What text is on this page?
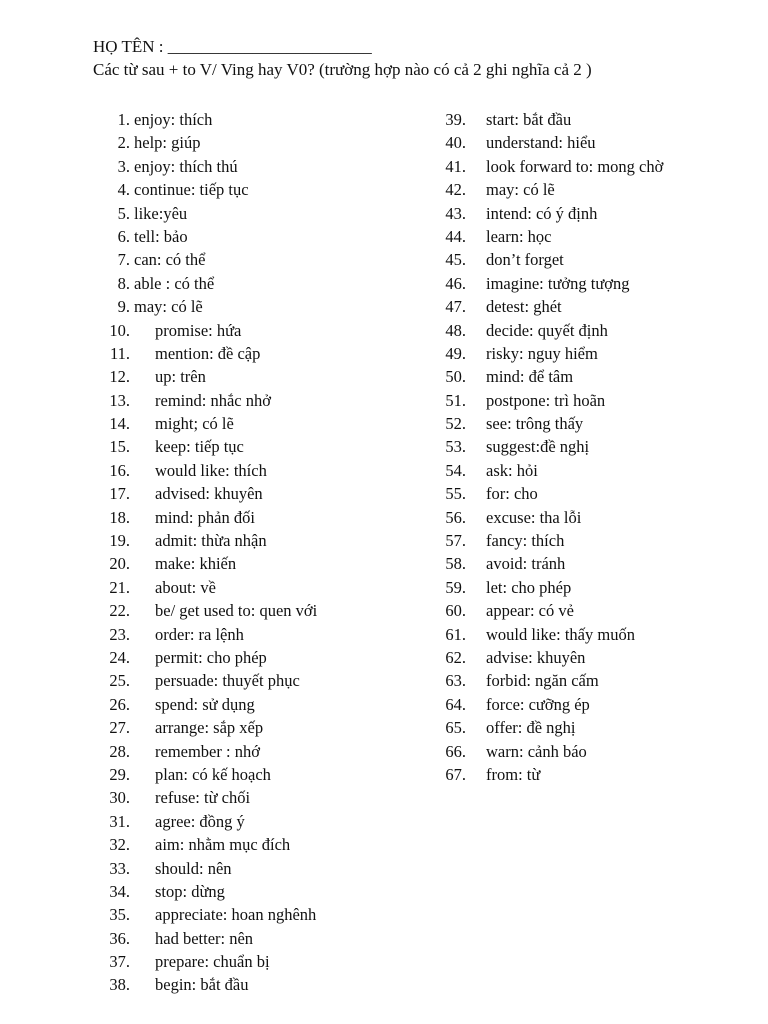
HỌ TÊN : ________________________
Các từ sau + to V/ Ving hay V0? (trường hợp nào có cả 2 ghi nghĩa cả 2 )
1. enjoy: thích
2. help: giúp
3. enjoy: thích thú
4. continue: tiếp tục
5. like:yêu
6. tell: bảo
7. can: có thể
8. able : có thể
9. may: có lẽ
10. promise: hứa
11. mention: đề cập
12. up: trên
13. remind: nhắc nhở
14. might; có lẽ
15. keep: tiếp tục
16. would like: thích
17. advised: khuyên
18. mind: phản đối
19. admit: thừa nhận
20. make: khiến
21. about: về
22. be/ get used to: quen với
23. order: ra lệnh
24. permit: cho phép
25. persuade: thuyết phục
26. spend: sử dụng
27. arrange: sắp xếp
28. remember : nhớ
29. plan: có kế hoạch
30. refuse: từ chối
31. agree: đồng ý
32. aim: nhằm mục đích
33. should: nên
34. stop: dừng
35. appreciate: hoan nghênh
36. had better: nên
37. prepare: chuẩn bị
38. begin: bắt đầu
39. start: bắt đầu
40. understand: hiểu
41. look forward to: mong chờ
42. may: có lẽ
43. intend: có ý định
44. learn: học
45. don’t forget
46. imagine: tưởng tượng
47. detest: ghét
48. decide: quyết định
49. risky: nguy hiểm
50. mind: để tâm
51. postpone: trì hoãn
52. see: trông thấy
53. suggest:đề nghị
54. ask: hỏi
55. for: cho
56. excuse: tha lỗi
57. fancy: thích
58. avoid: tránh
59. let: cho phép
60. appear: có vẻ
61. would like: thấy muốn
62. advise: khuyên
63. forbid: ngăn cấm
64. force: cưỡng ép
65. offer: đề nghị
66. warn: cảnh báo
67. from: từ
